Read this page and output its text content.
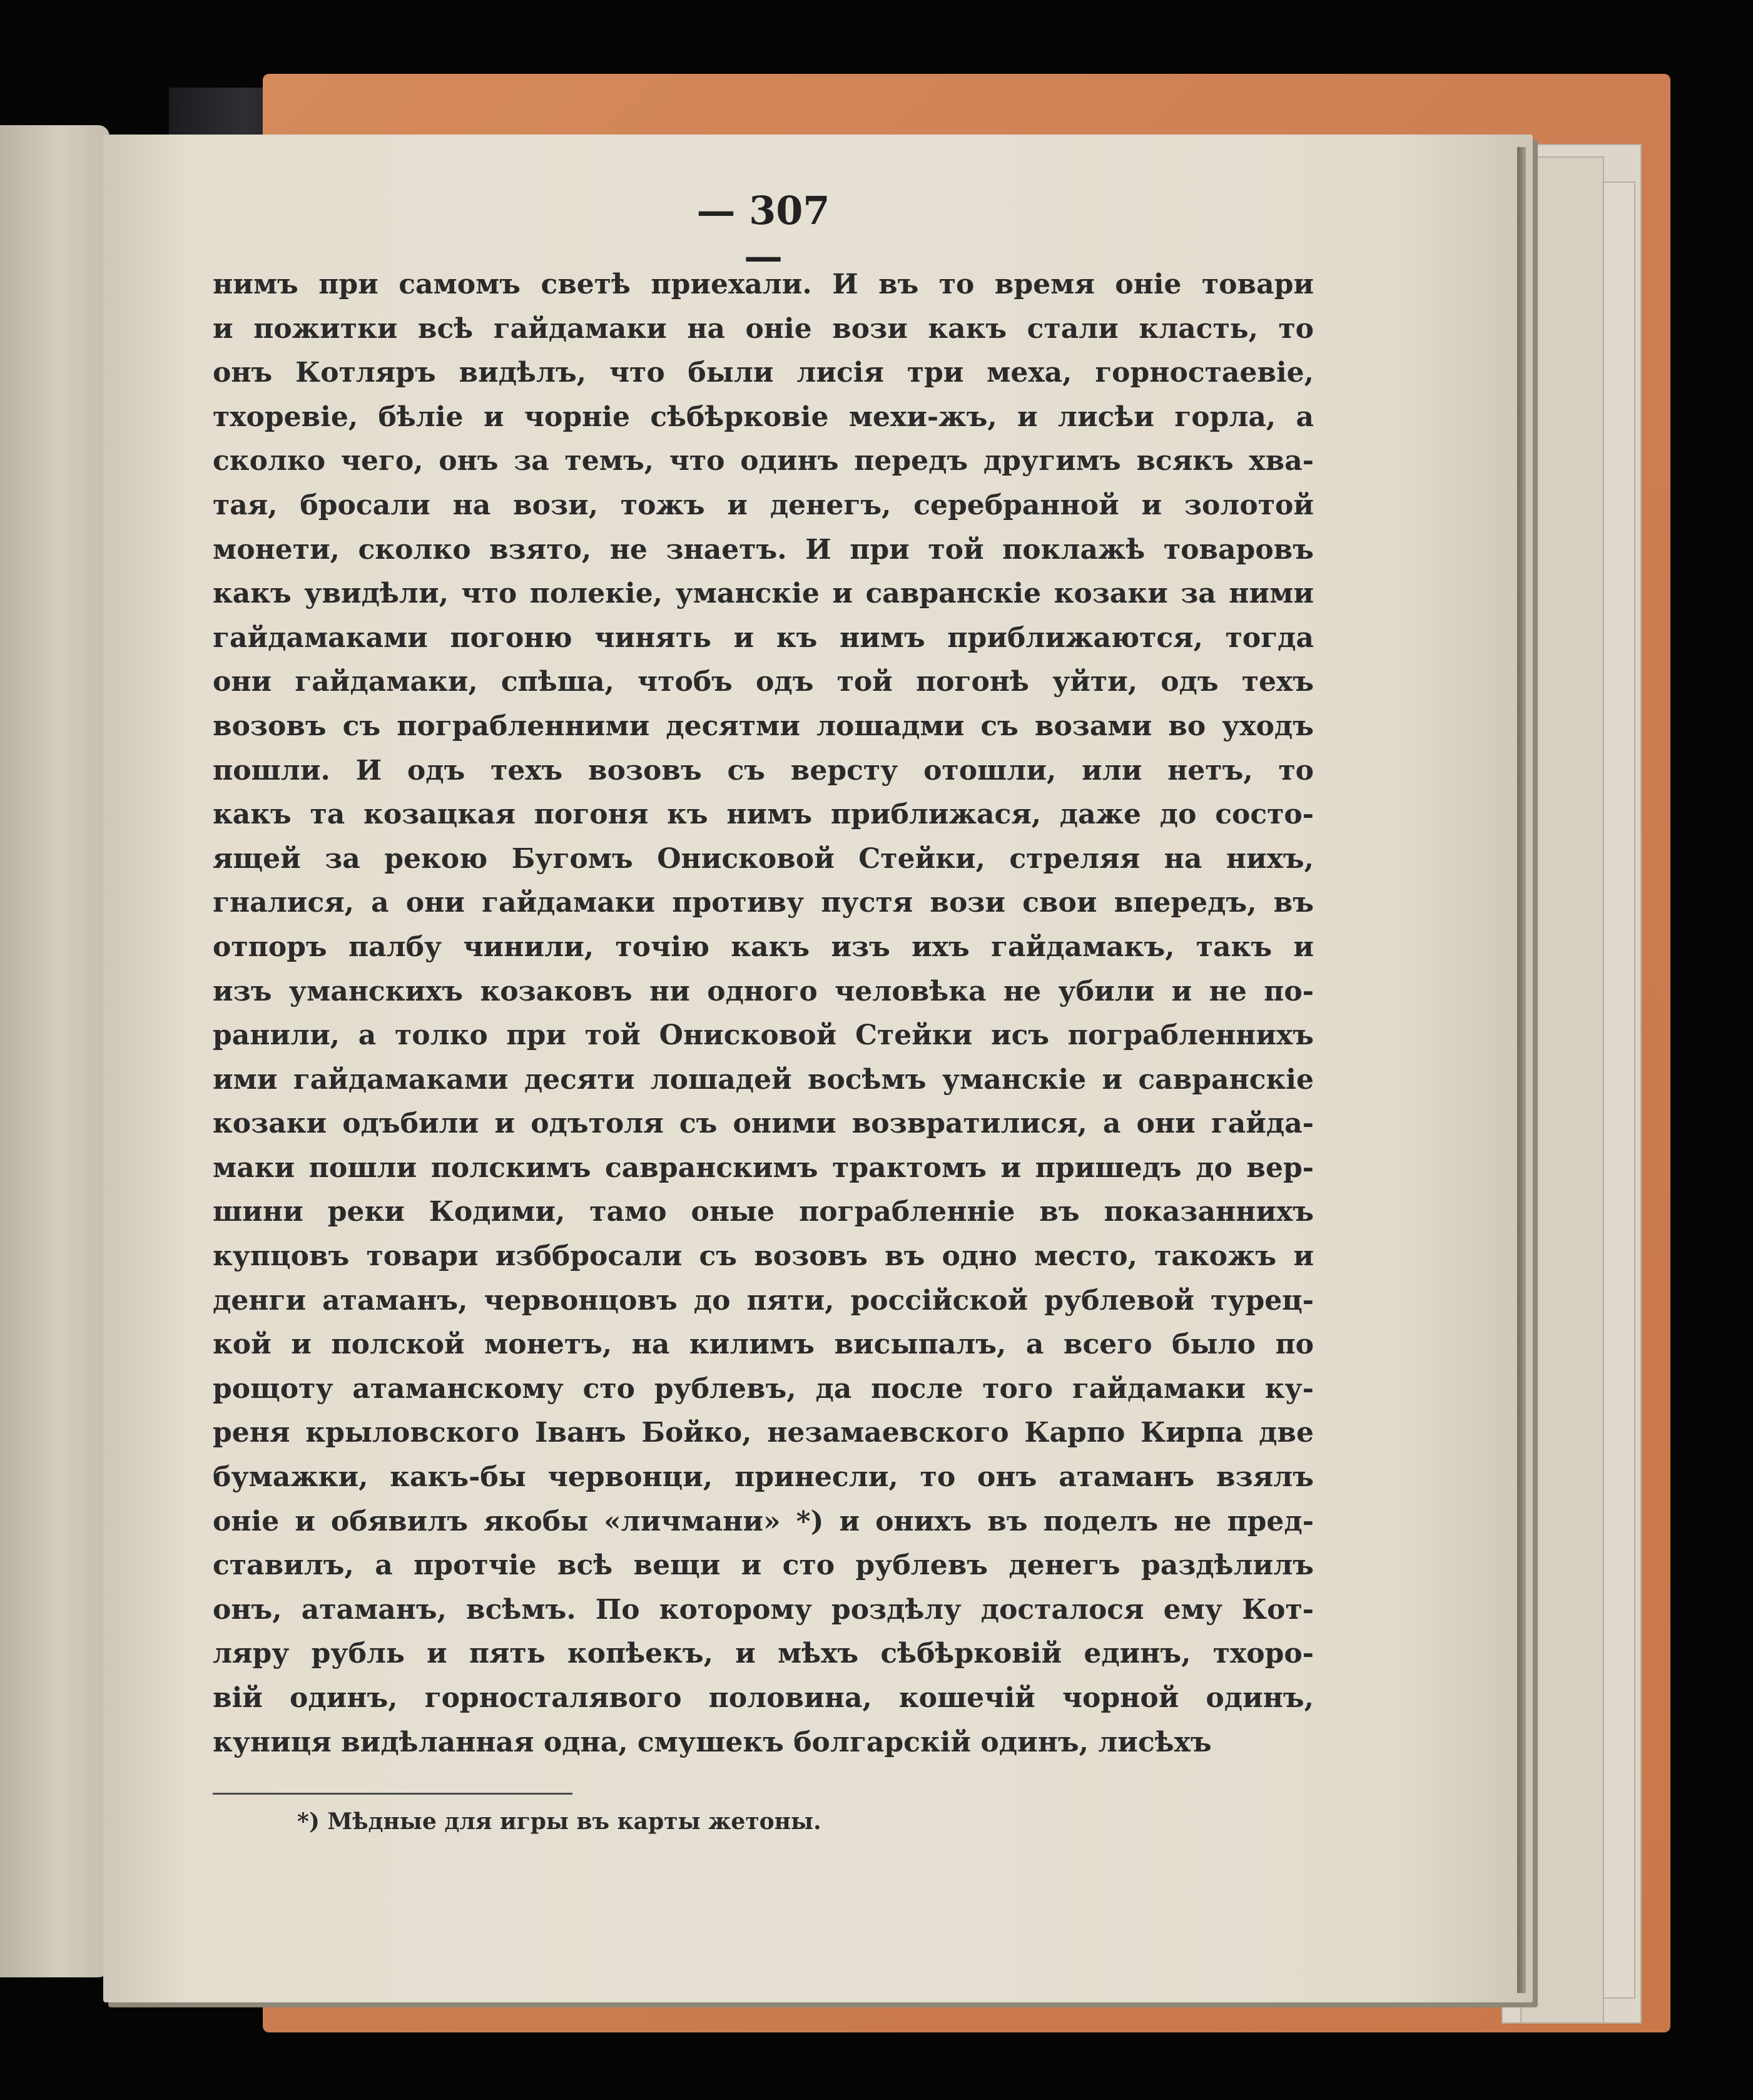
— 307 —
нимъ при самомъ светѣ приехали. И въ то время оніе товари
и пожитки всѣ гайдамаки на оніе вози какъ стали класть, то
онъ Котляръ видѣлъ, что были лисія три меха, горностаевіе,
тхоревіе, бѣліе и чорніе сѣбѣрковіе мехи-жъ, и лисѣи горла, а
сколко чего, онъ за темъ, что одинъ передъ другимъ всякъ хва-
тая, бросали на вози, тожъ и денегъ, серебранной и золотой
монети, сколко взято, не знаетъ. И при той поклажѣ товаровъ
какъ увидѣли, что полекіе, уманскіе и савранскіе козаки за ними
гайдамаками погоню чинять и къ нимъ приближаются, тогда
они гайдамаки, спѣша, чтобъ одъ той погонѣ уйти, одъ техъ
возовъ съ пограбленними десятми лошадми съ возами во уходъ
пошли. И одъ техъ возовъ съ версту отошли, или нетъ, то
какъ та козацкая погоня къ нимъ приближася, даже до состо-
ящей за рекою Бугомъ Онисковой Стейки, стреляя на нихъ,
гналися, а они гайдамаки противу пустя вози свои впередъ, въ
отпоръ палбу чинили, точію какъ изъ ихъ гайдамакъ, такъ и
изъ уманскихъ козаковъ ни одного человѣка не убили и не по-
ранили, а толко при той Онисковой Стейки исъ пограбленнихъ
ими гайдамаками десяти лошадей восѣмъ уманскіе и савранскіе
козаки одъбили и одътоля съ оними возвратилися, а они гайда-
маки пошли полскимъ савранскимъ трактомъ и пришедъ до вер-
шини реки Кодими, тамо оные пограбленніе въ показаннихъ
купцовъ товари изббросали съ возовъ въ одно место, такожъ и
денги атаманъ, червонцовъ до пяти, россійской рублевой турец-
кой и полской монетъ, на килимъ висыпалъ, а всего было по
рощоту атаманскому сто рублевъ, да после того гайдамаки ку-
реня крыловского Іванъ Бойко, незамаевского Карпо Кирпа две
бумажки, какъ-бы червонци, принесли, то онъ атаманъ взялъ
оніе и обявилъ якобы «личмани» *) и онихъ въ поделъ не пред-
ставилъ, а протчіе всѣ вещи и сто рублевъ денегъ раздѣлилъ
онъ, атаманъ, всѣмъ. По которому роздѣлу досталося ему Кот-
ляру рубль и пять копѣекъ, и мѣхъ сѣбѣрковій единъ, тхоро-
вій одинъ, горносталявого половина, кошечій чорной одинъ,
куниця видѣланная одна, смушекъ болгарскій одинъ, лисѣхъ
*) Мѣдные для игры въ карты жетоны.
